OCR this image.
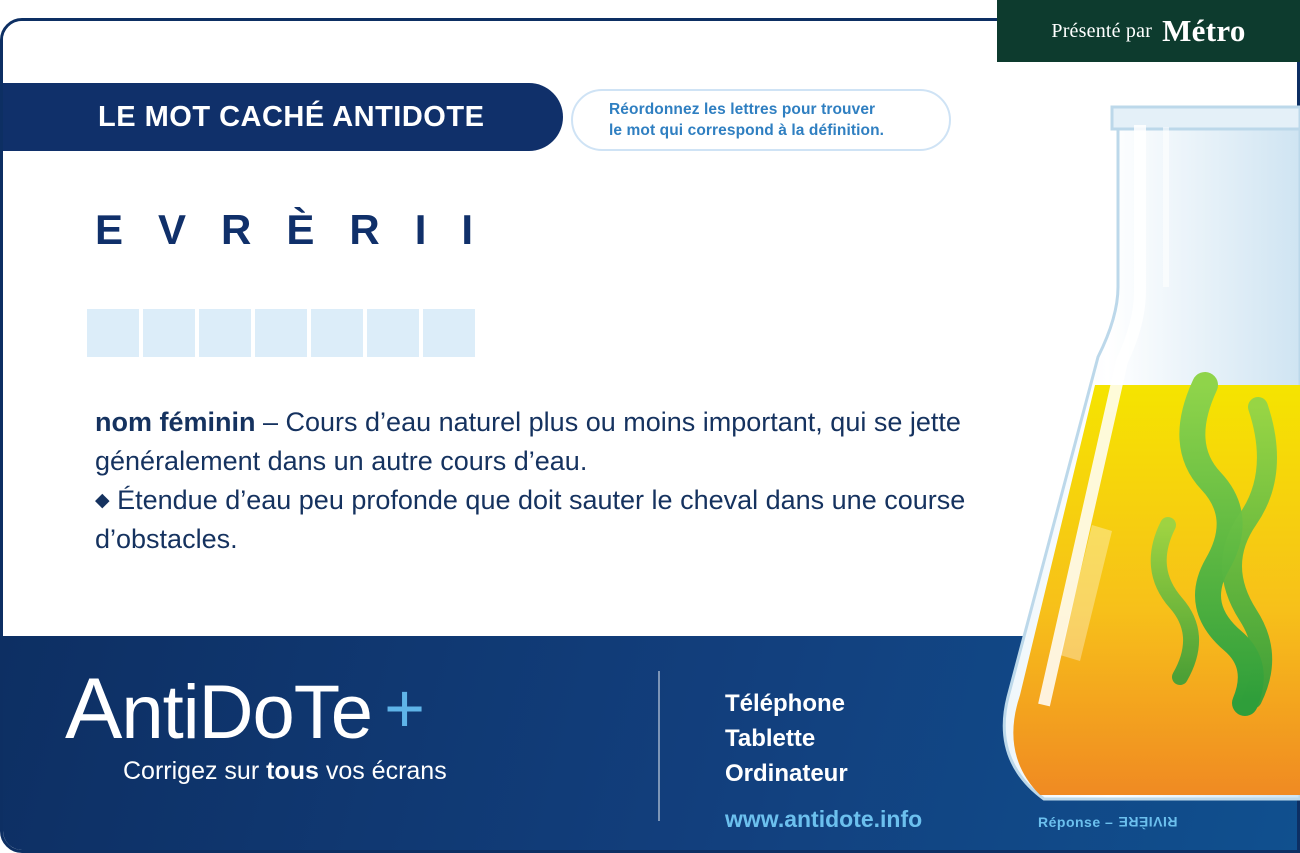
Présenté par Métro
LE MOT CACHÉ ANTIDOTE	Réordonnez les lettres pour trouver
le mot qui correspond à la définition.
E V R È R I I
nom féminin – Cours d’eau naturel plus ou moins important, qui se jette généralement dans un autre cours d’eau.
◆ Étendue d’eau peu profonde que doit sauter le cheval dans une course d’obstacles.
AntiDoTe +
Corrigez sur tous vos écrans
Téléphone
Tablette
Ordinateur
www.antidote.info	Réponse – RIVIÈRE
